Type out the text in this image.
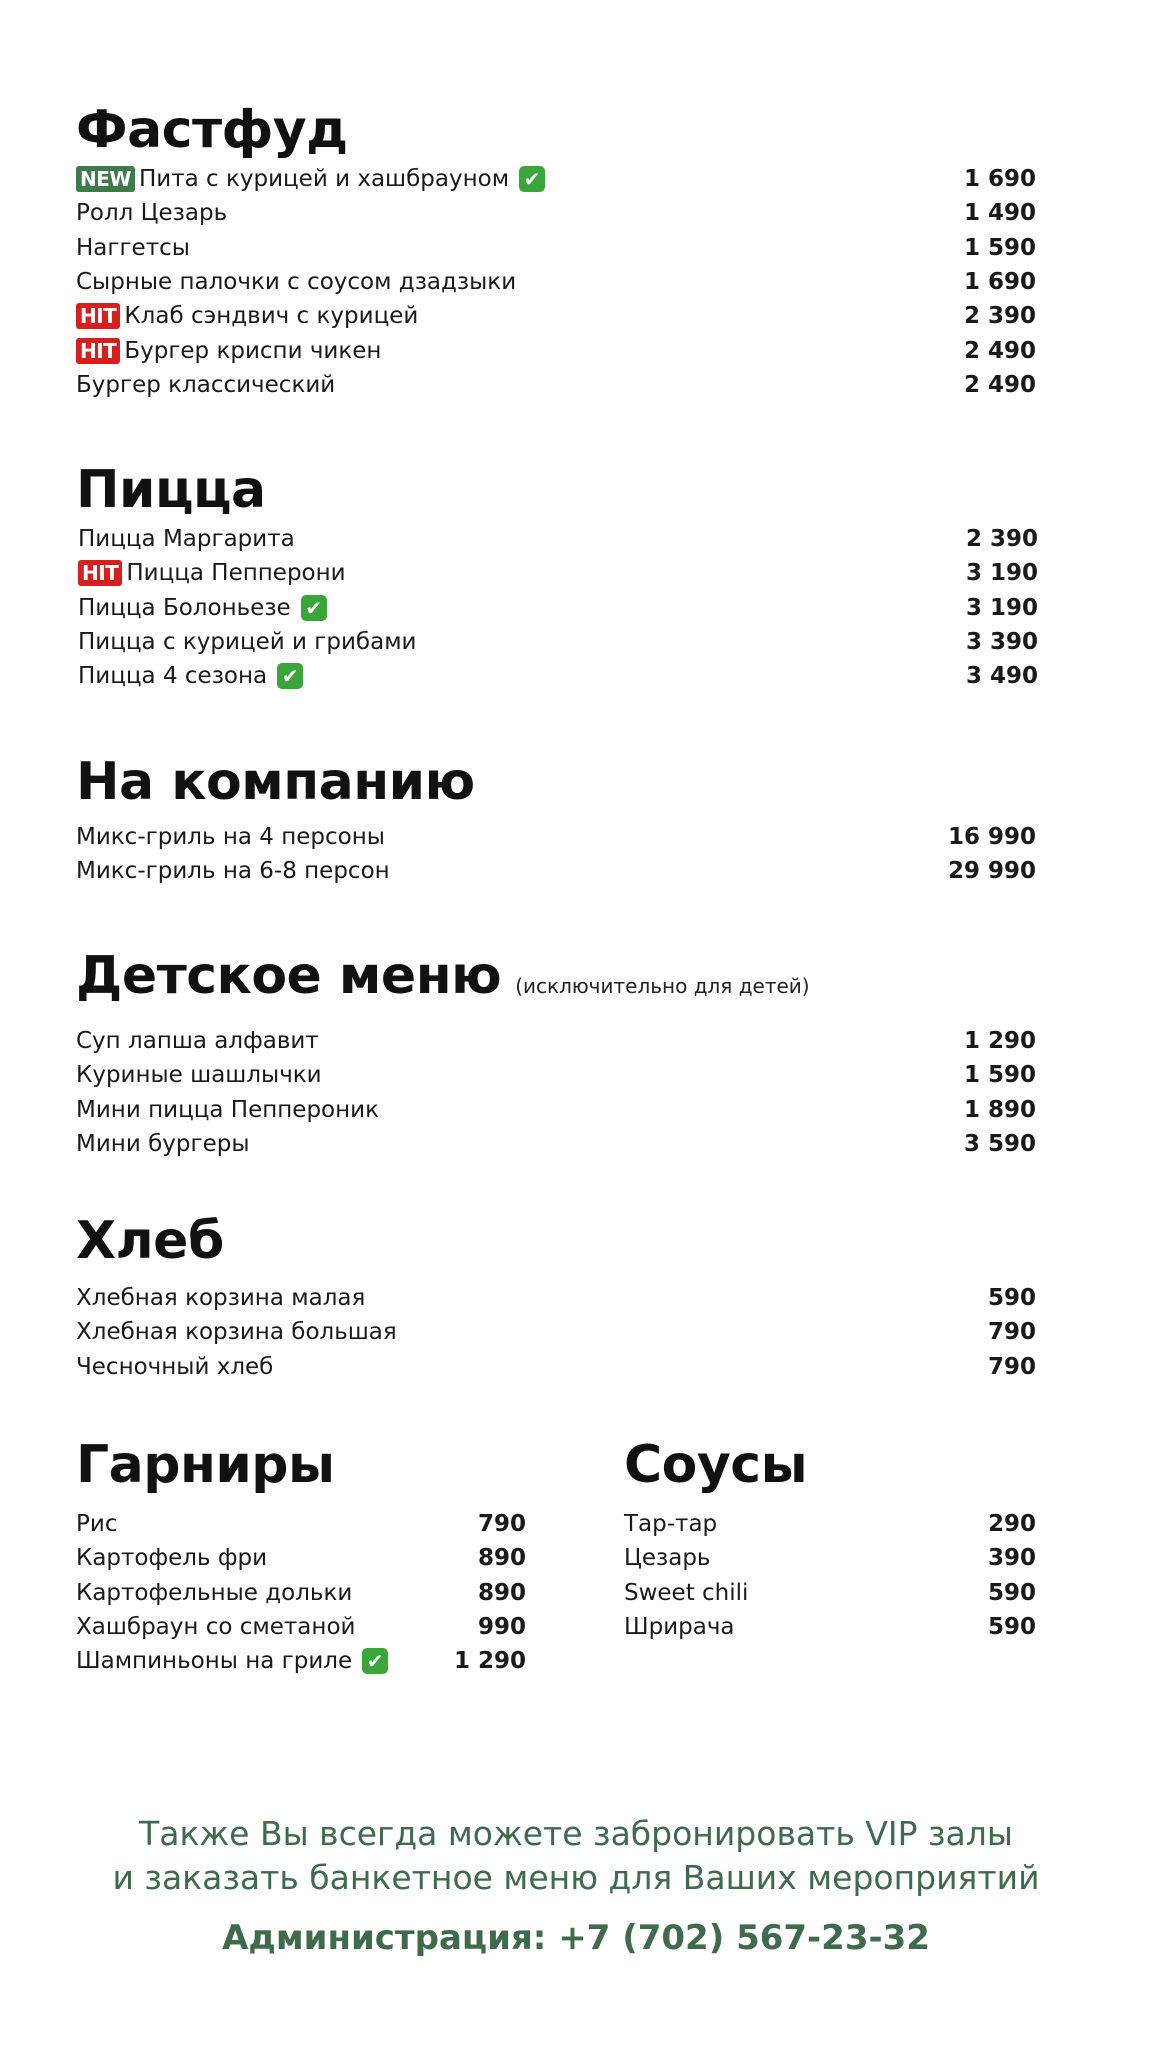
Фастфуд
NEW Пита с курицей и хашбрауном ✔	1 690
Ролл Цезарь	1 490
Наггетсы	1 590
Сырные палочки с соусом дзадзыки	1 690
HIT Клаб сэндвич с курицей	2 390
HIT Бургер криспи чикен	2 490
Бургер классический	2 490
Пицца
Пицца Маргарита	2 390
HIT Пицца Пепперони	3 190
Пицца Болоньезе ✔	3 190
Пицца с курицей и грибами	3 390
Пицца 4 сезона ✔	3 490
На компанию
Микс-гриль на 4 персоны	16 990
Микс-гриль на 6-8 персон	29 990
Детское меню (исключительно для детей)
Суп лапша алфавит	1 290
Куриные шашлычки	1 590
Мини пицца Пеппероник	1 890
Мини бургеры	3 590
Хлеб
Хлебная корзина малая	590
Хлебная корзина большая	790
Чесночный хлеб	790
Гарниры
Рис	790
Картофель фри	890
Картофельные дольки	890
Хашбраун со сметаной	990
Шампиньоны на гриле ✔	1 290
Соусы
Тар-тар	290
Цезарь	390
Sweet chili	590
Шрирача	590
Также Вы всегда можете забронировать VIP залы
и заказать банкетное меню для Ваших мероприятий
Администрация: +7 (702) 567-23-32
